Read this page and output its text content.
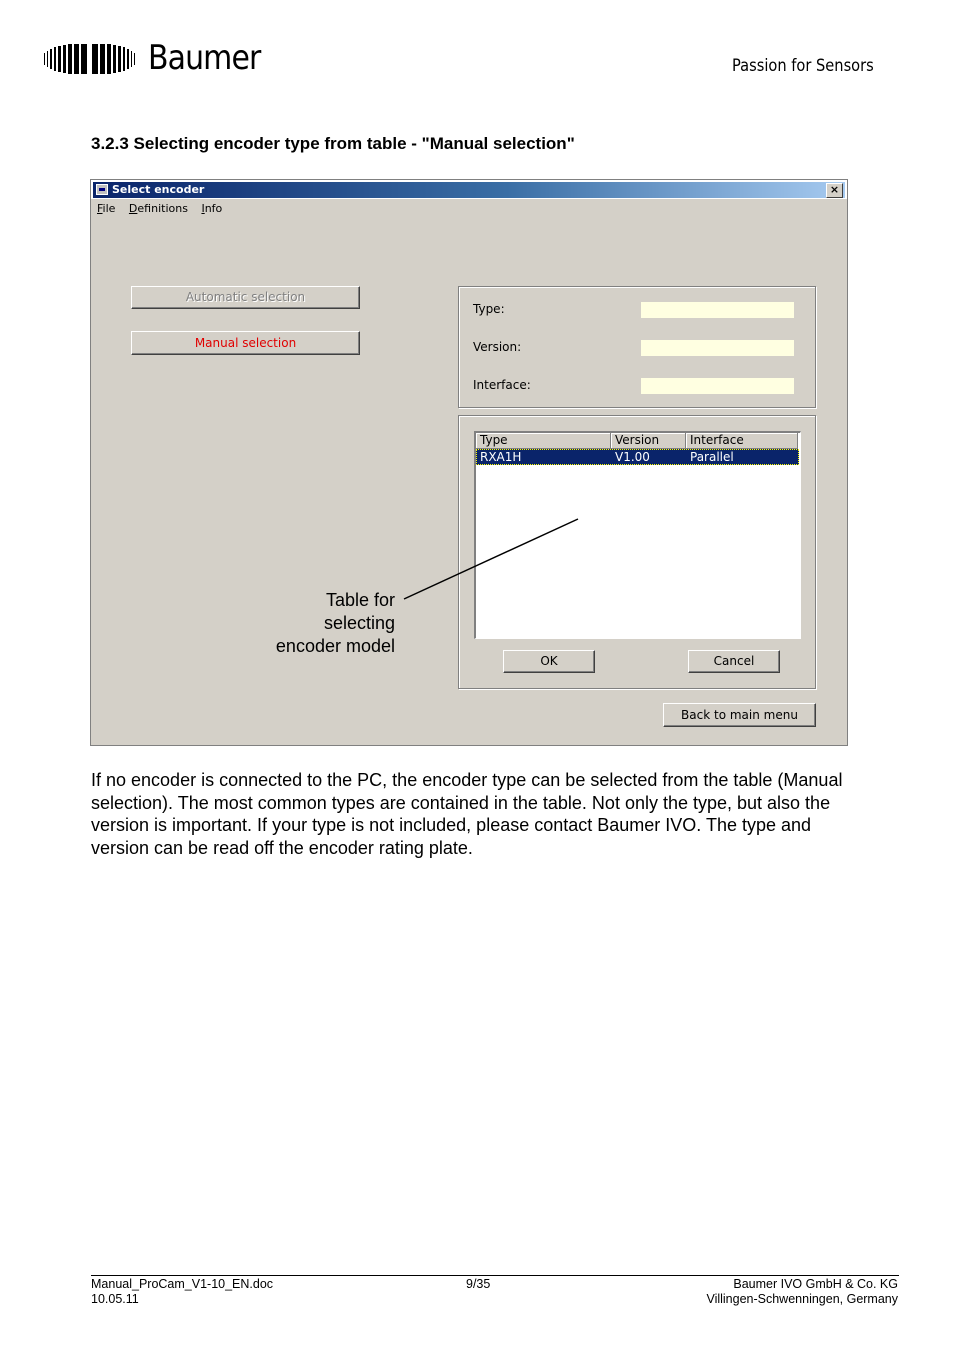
Baumer	Passion for Sensors
3.2.3 Selecting encoder type from table - "Manual selection"
Select encoder	×
File Definitions Info
Automatic selection
Manual selection
Type:
Version:
Interface:
Type	Version	Interface
RXA1H	V1.00	Parallel
OK	Cancel
Back to main menu
Table for
selecting
encoder model
If no encoder is connected to the PC, the encoder type can be selected from the table (Manual selection). The most common types are contained in the table. Not only the type, but also the version is important. If your type is not included, please contact Baumer IVO. The type and version can be read off the encoder rating plate.
Manual_ProCam_V1-10_EN.doc
10.05.11
9/35	Baumer IVO GmbH & Co. KG
Villingen-Schwenningen, Germany
